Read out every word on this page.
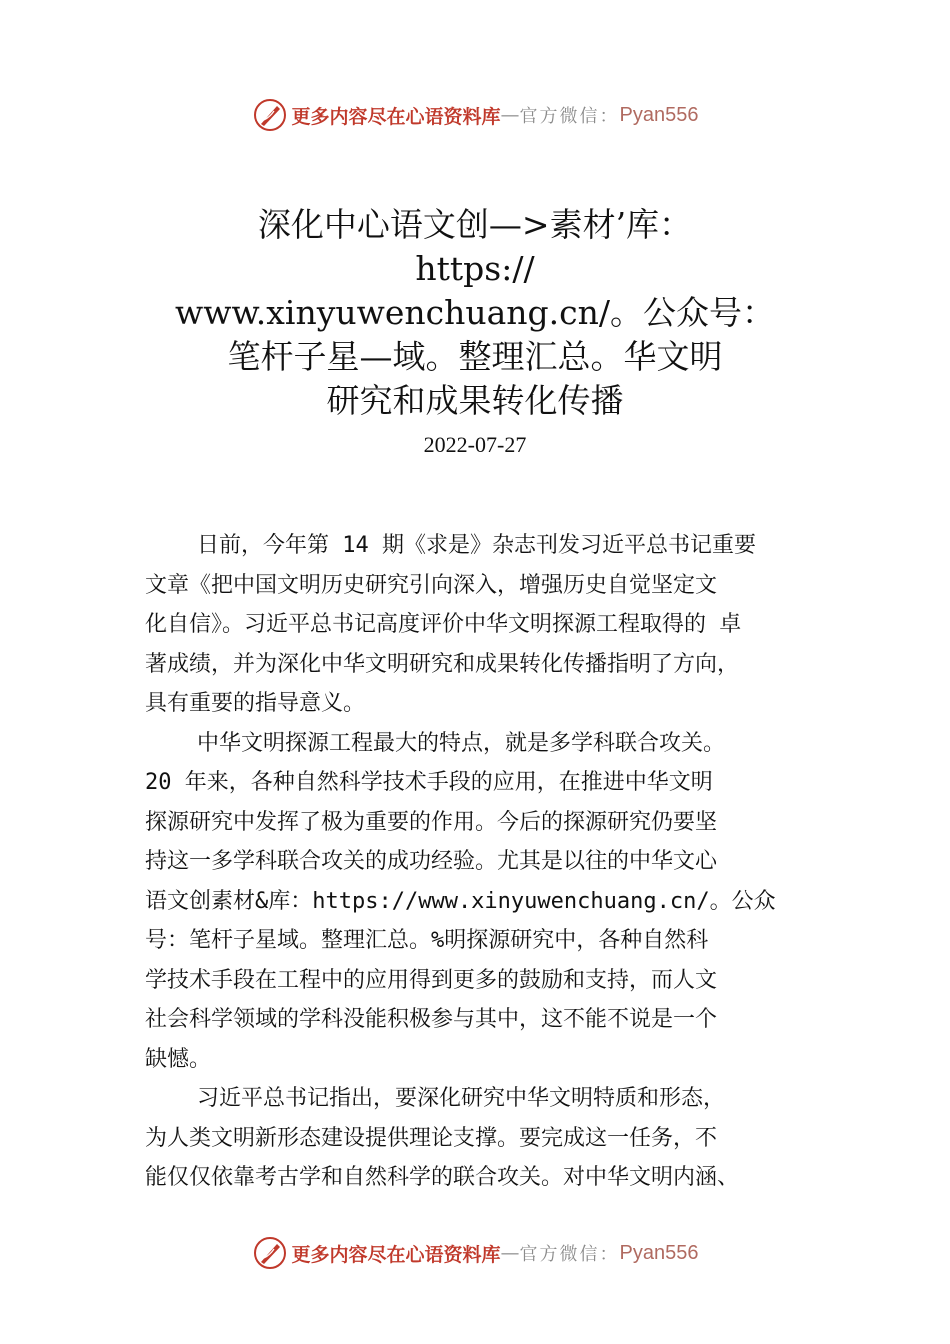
更多内容尽在心语资料库 — 官方微信： Pyan556
深化中心语文创—>素材’库：
https://
www.xinyuwenchuang.cn/。公众号：
笔杆子星—域。整理汇总。华文明
研究和成果转化传播
2022-07-27
日前，今年第 14 期《求是》杂志刊发习近平总书记重要
文章《把中国文明历史研究引向深入，增强历史自觉坚定文
化自信》。习近平总书记高度评价中华文明探源工程取得的 卓
著成绩，并为深化中华文明研究和成果转化传播指明了方向，
具有重要的指导意义。
中华文明探源工程最大的特点，就是多学科联合攻关。
20 年来，各种自然科学技术手段的应用，在推进中华文明
探源研究中发挥了极为重要的作用。今后的探源研究仍要坚
持这一多学科联合攻关的成功经验。尤其是以往的中华文心
语文创素材&库：https://www.xinyuwenchuang.cn/。公众
号：笔杆子星域。整理汇总。%明探源研究中，各种自然科
学技术手段在工程中的应用得到更多的鼓励和支持，而人文
社会科学领域的学科没能积极参与其中，这不能不说是一个
缺憾。
习近平总书记指出，要深化研究中华文明特质和形态，
为人类文明新形态建设提供理论支撑。要完成这一任务，不
能仅仅依靠考古学和自然科学的联合攻关。对中华文明内涵、
更多内容尽在心语资料库 — 官方微信： Pyan556
